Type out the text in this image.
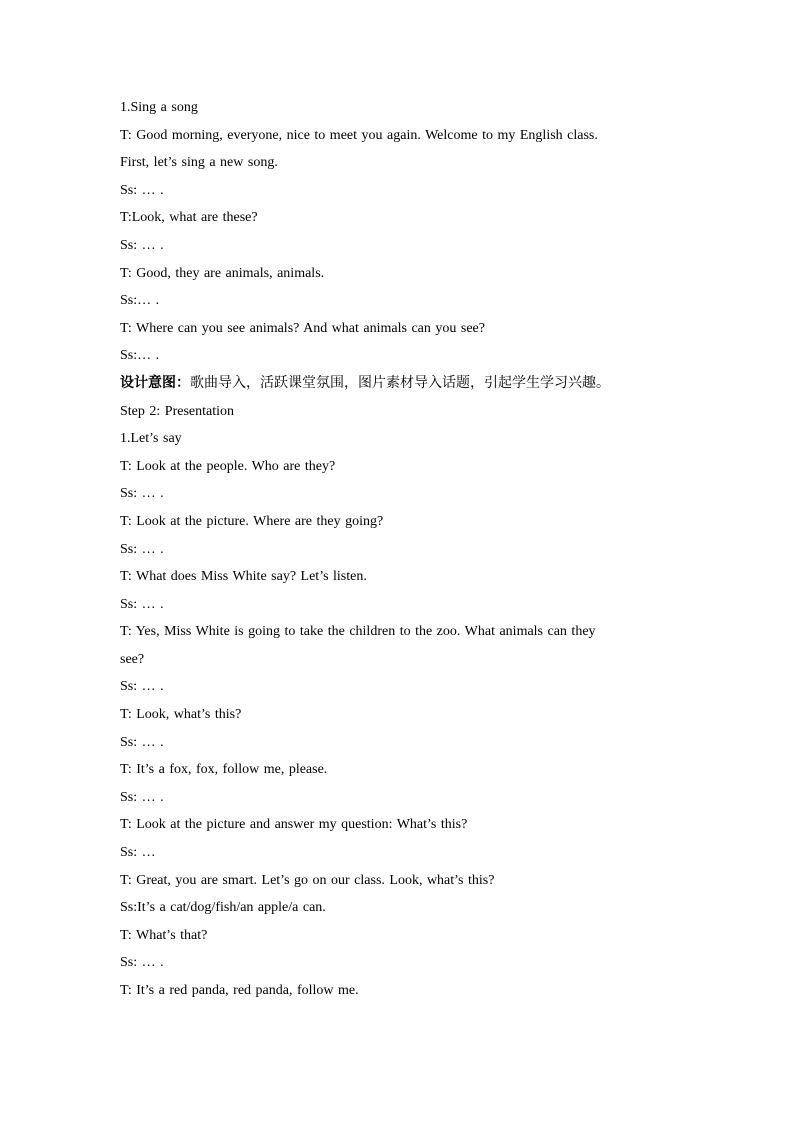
1.Sing a song
T: Good morning, everyone, nice to meet you again. Welcome to my English class.
First, let’s sing a new song.
Ss: … .
T:Look, what are these?
Ss: … .
T: Good, they are animals, animals.
Ss:… .
T: Where can you see animals? And what animals can you see?
Ss:… .
设计意图：歌曲导入，活跃课堂氛围，图片素材导入话题，引起学生学习兴趣。
Step 2: Presentation
1.Let’s say
T: Look at the people. Who are they?
Ss: … .
T: Look at the picture. Where are they going?
Ss: … .
T: What does Miss White say? Let’s listen.
Ss: … .
T: Yes, Miss White is going to take the children to the zoo. What animals can they
see?
Ss: … .
T: Look, what’s this?
Ss: … .
T: It’s a fox, fox, follow me, please.
Ss: … .
T: Look at the picture and answer my question: What’s this?
Ss: …
T: Great, you are smart. Let’s go on our class. Look, what’s this?
Ss:It’s a cat/dog/fish/an apple/a can.
T: What’s that?
Ss: … .
T: It’s a red panda, red panda, follow me.
